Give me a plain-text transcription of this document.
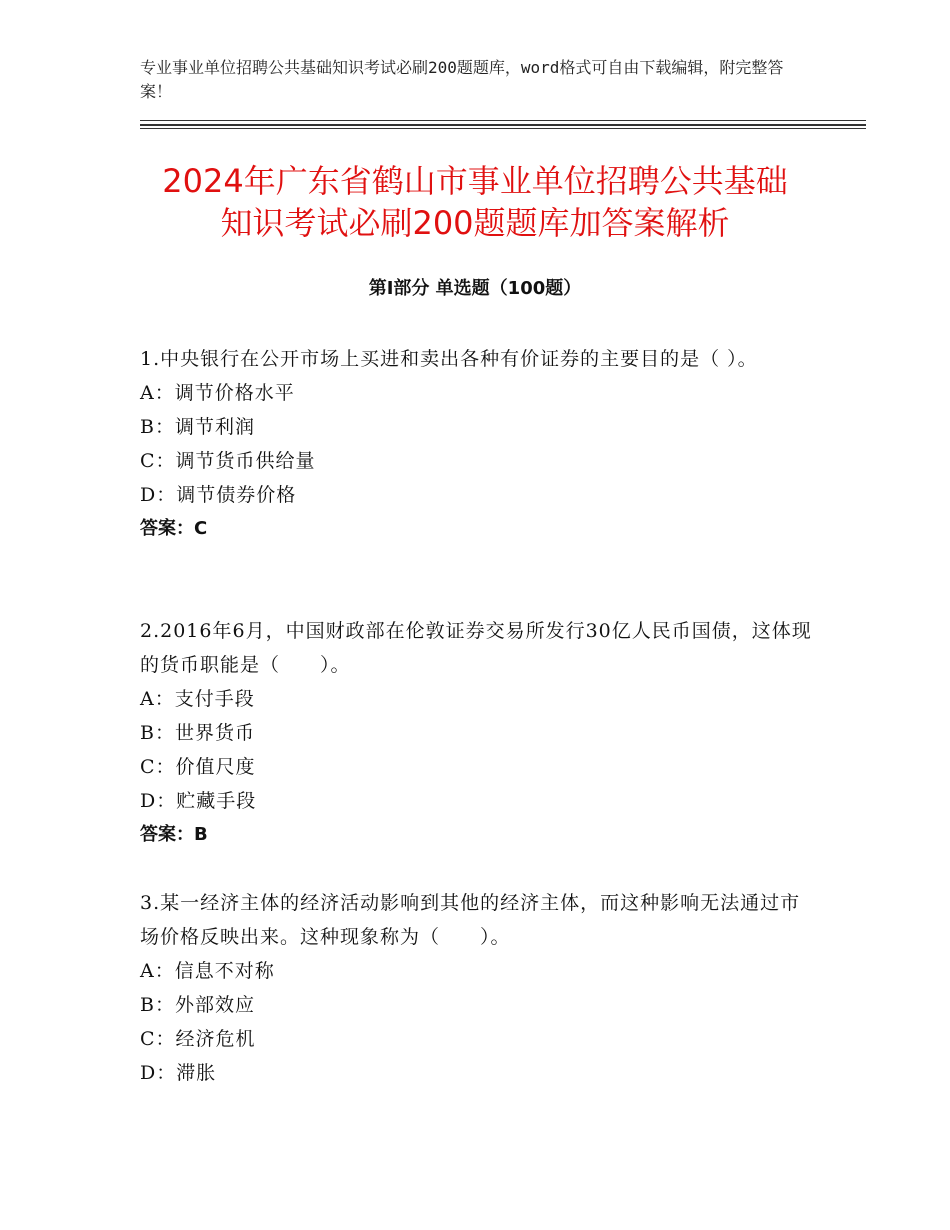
专业事业单位招聘公共基础知识考试必刷200题题库，word格式可自由下载编辑，附完整答案！
2024年广东省鹤山市事业单位招聘公共基础
知识考试必刷200题题库加答案解析
第Ⅰ部分 单选题（100题）

1.中央银行在公开市场上买进和卖出各种有价证券的主要目的是（ ）。

A：调节价格水平

B：调节利润

C：调节货币供给量

D：调节债券价格

答案：C

2.2016年6月，中国财政部在伦敦证券交易所发行30亿人民币国债，这体现的货币职能是（　　）。

A：支付手段

B：世界货币

C：价值尺度

D：贮藏手段

答案：B

3.某一经济主体的经济活动影响到其他的经济主体，而这种影响无法通过市场价格反映出来。这种现象称为（　　）。

A：信息不对称

B：外部效应

C：经济危机

D：滞胀
